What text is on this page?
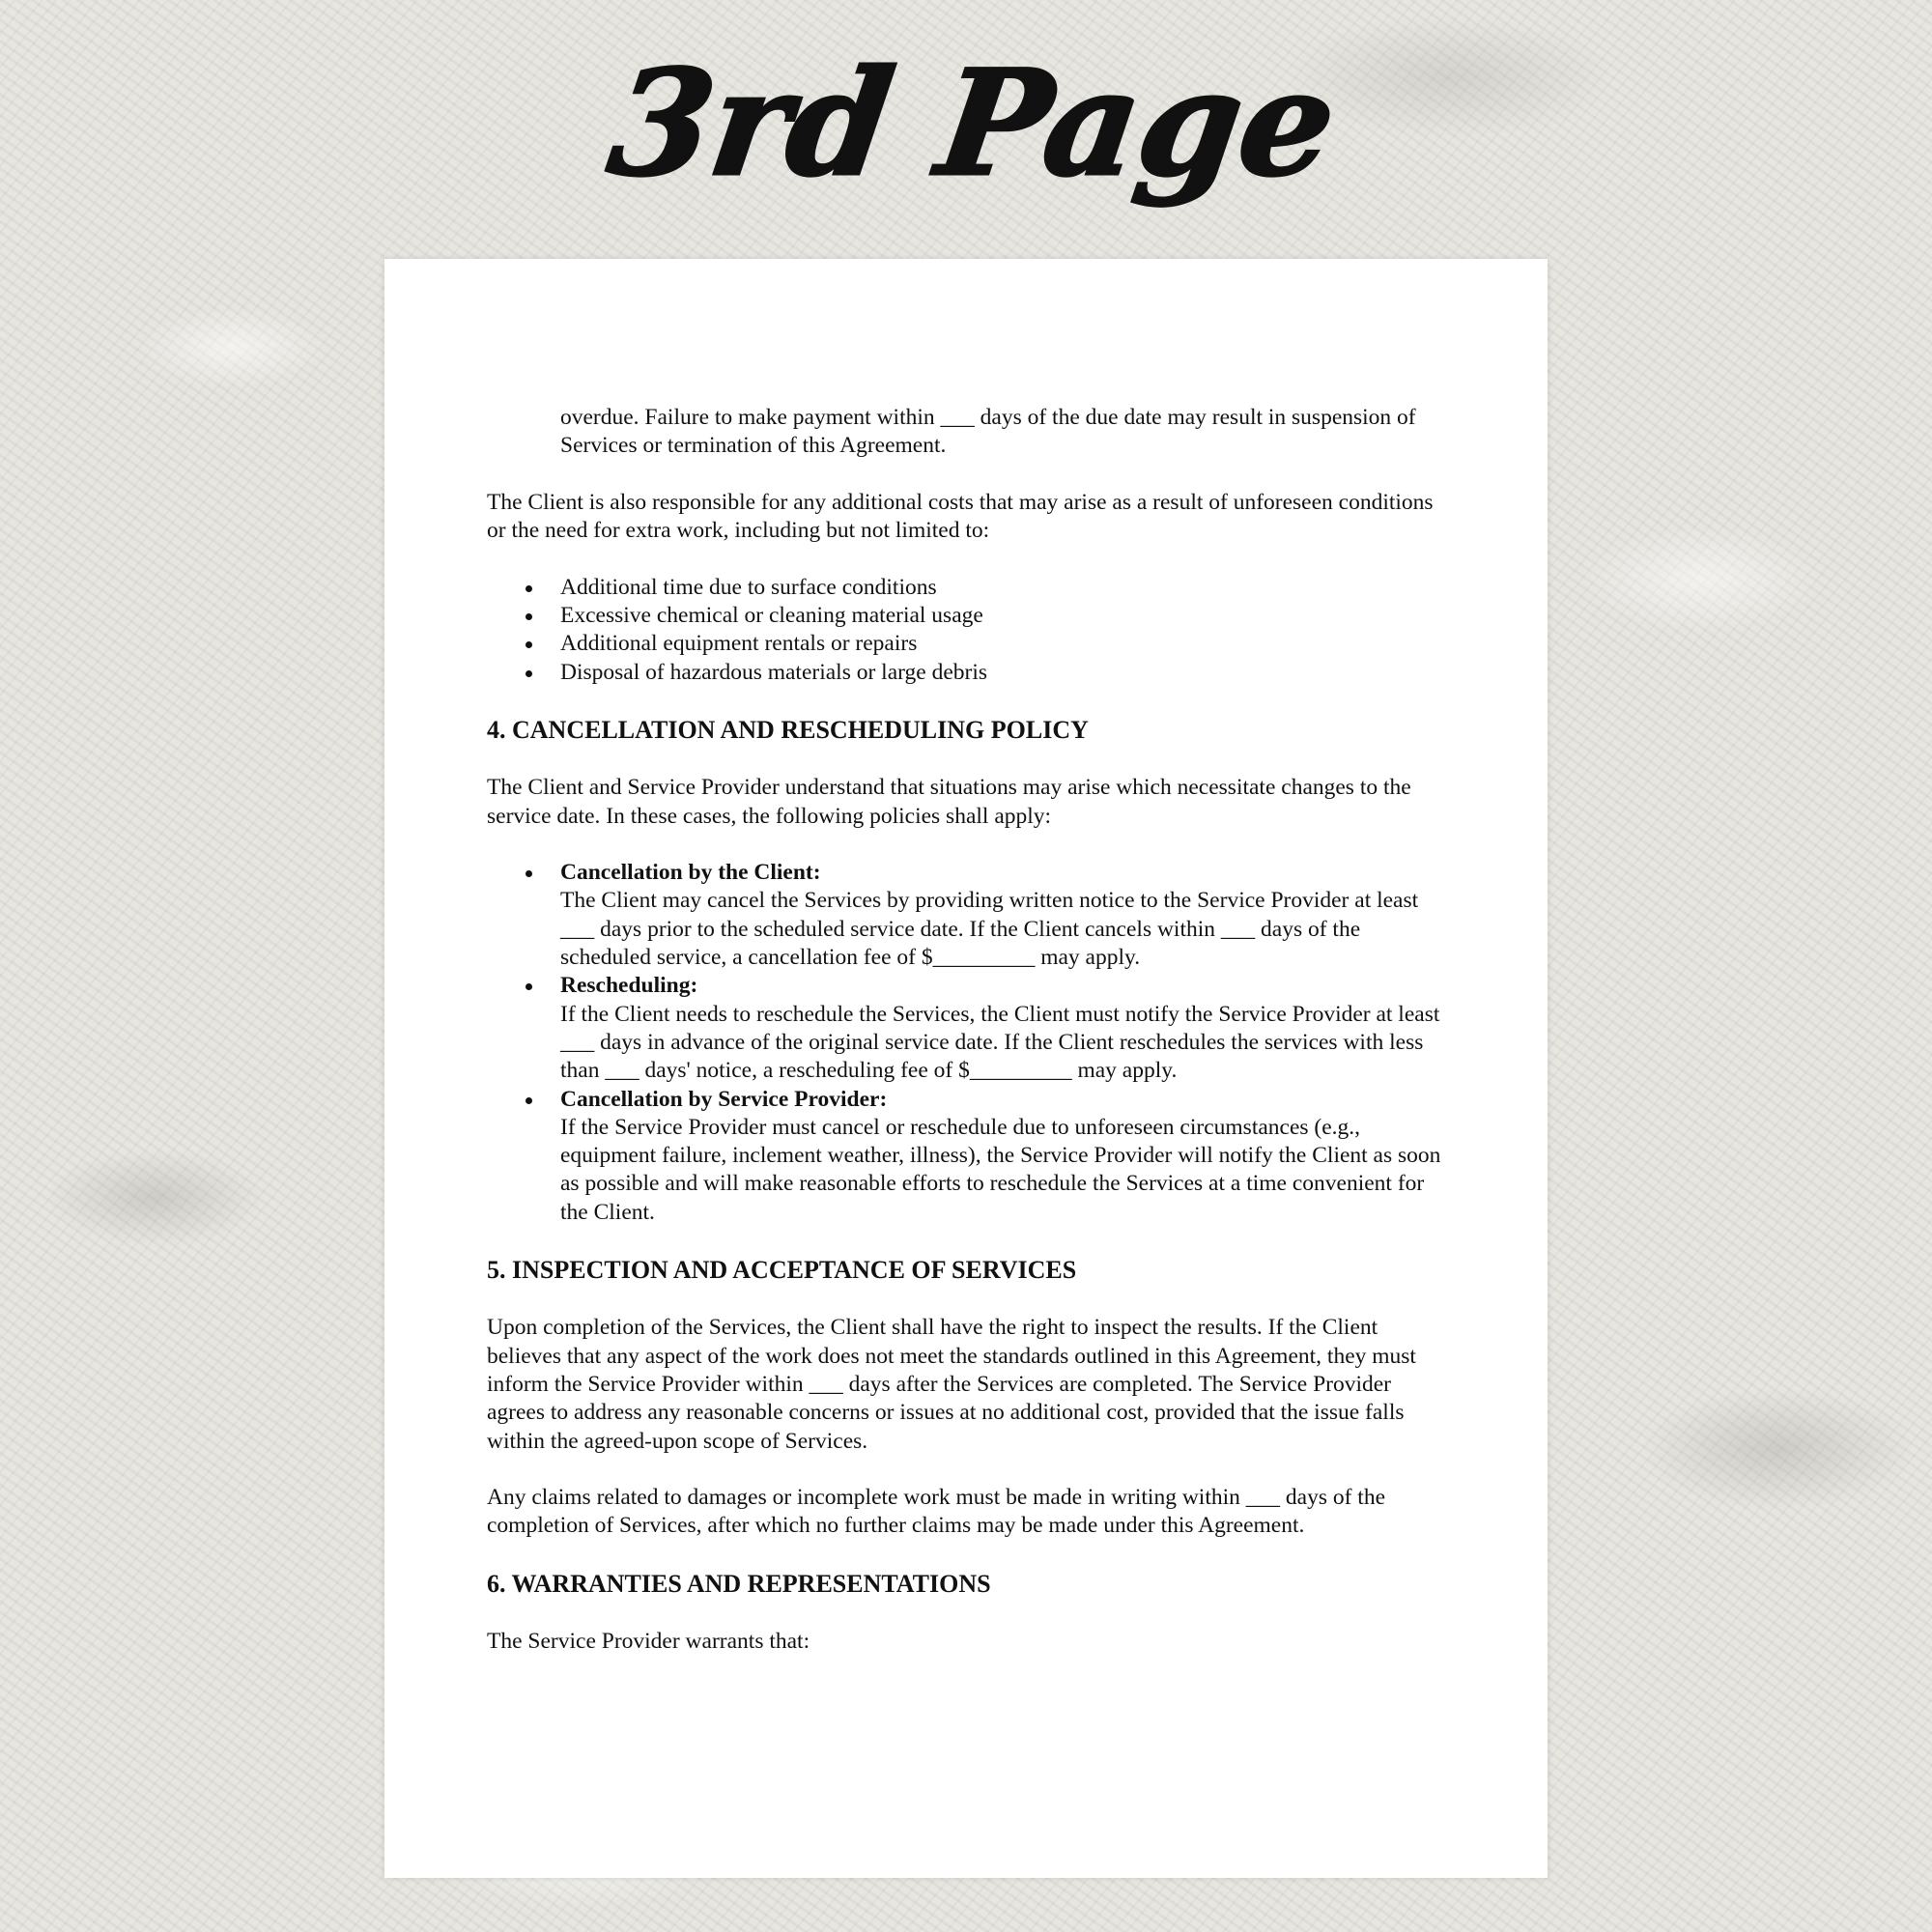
3rd Page

overdue. Failure to make payment within ___ days of the due date may result in suspension of Services or termination of this Agreement.

The Client is also responsible for any additional costs that may arise as a result of unforeseen conditions or the need for extra work, including but not limited to:

Additional time due to surface conditions
Excessive chemical or cleaning material usage
Additional equipment rentals or repairs
Disposal of hazardous materials or large debris
4. CANCELLATION AND RESCHEDULING POLICY

The Client and Service Provider understand that situations may arise which necessitate changes to the service date. In these cases, the following policies shall apply:

Cancellation by the Client:
The Client may cancel the Services by providing written notice to the Service Provider at least ___ days prior to the scheduled service date. If the Client cancels within ___ days of the scheduled service, a cancellation fee of $_________ may apply.
Rescheduling:
If the Client needs to reschedule the Services, the Client must notify the Service Provider at least ___ days in advance of the original service date. If the Client reschedules the services with less than ___ days' notice, a rescheduling fee of $_________ may apply.
Cancellation by Service Provider:
If the Service Provider must cancel or reschedule due to unforeseen circumstances (e.g., equipment failure, inclement weather, illness), the Service Provider will notify the Client as soon as possible and will make reasonable efforts to reschedule the Services at a time convenient for the Client.
5. INSPECTION AND ACCEPTANCE OF SERVICES

Upon completion of the Services, the Client shall have the right to inspect the results. If the Client believes that any aspect of the work does not meet the standards outlined in this Agreement, they must inform the Service Provider within ___ days after the Services are completed. The Service Provider agrees to address any reasonable concerns or issues at no additional cost, provided that the issue falls within the agreed-upon scope of Services.

Any claims related to damages or incomplete work must be made in writing within ___ days of the completion of Services, after which no further claims may be made under this Agreement.

6. WARRANTIES AND REPRESENTATIONS

The Service Provider warrants that:
